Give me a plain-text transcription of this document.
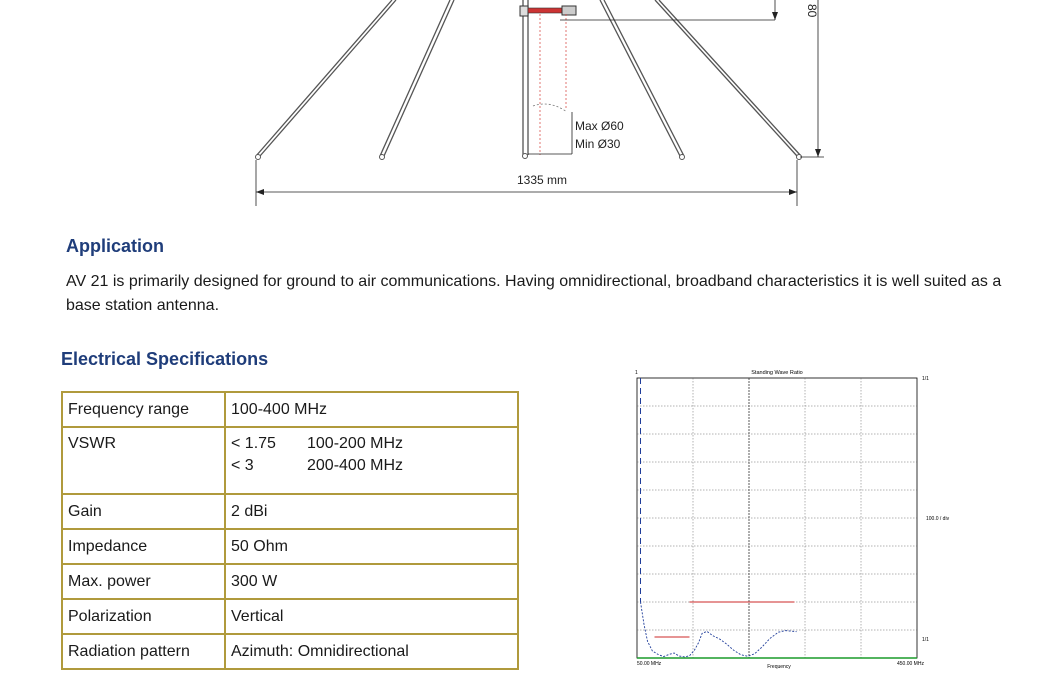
Max Ø60
Min Ø30
1335 mm
80
Application

AV 21 is primarily designed for ground to air communications. Having omnidirectional, broadband characteristics it is well suited as a base station antenna.

Electrical Specifications
Frequency range	100-400 MHz
VSWR	< 1.75 100-200 MHz
< 3 200-400 MHz

Gain	2 dBi
Impedance	50 Ohm
Max. power	300 W
Polarization	Vertical
Radiation pattern	Azimuth: Omnidirectional
Standing Wave Ratio
1
1/1
100.0 / div
1/1
50.00 MHz	450.00 MHz
Frequency
